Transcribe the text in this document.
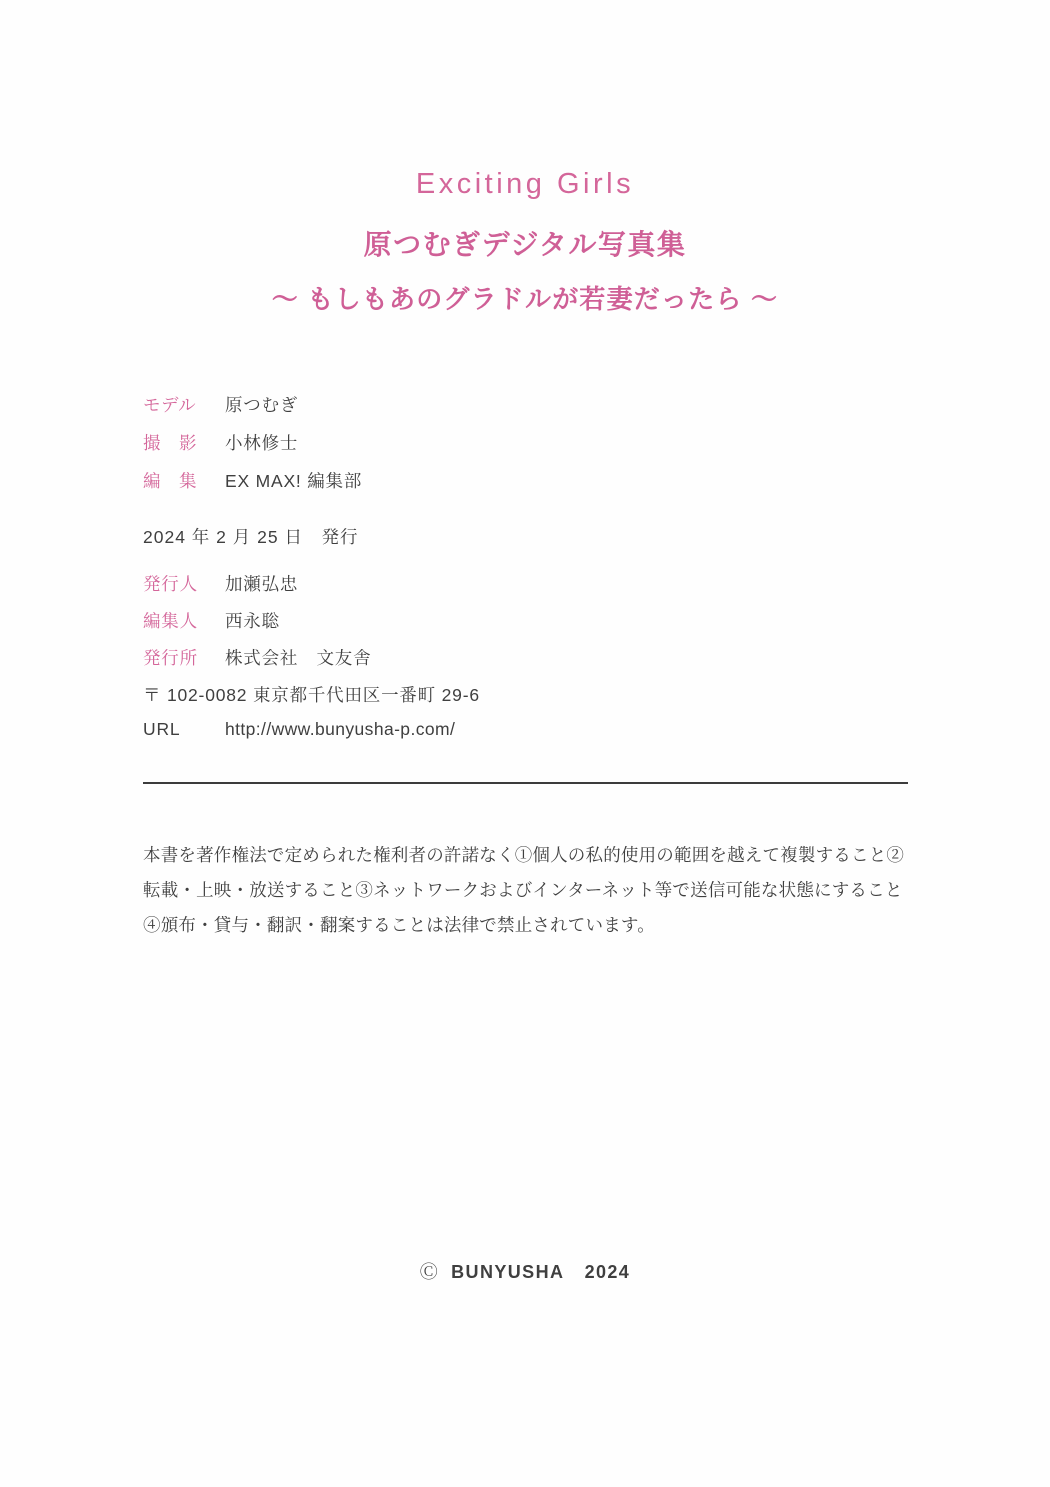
Exciting Girls
原つむぎデジタル写真集
〜 もしもあのグラドルが若妻だったら 〜
モデル	原つむぎ
撮　影	小林修士
編　集	EX MAX! 編集部
2024 年 2 月 25 日　発行
発行人	加瀬弘忠
編集人	西永聡
発行所	株式会社　文友舎
〒 102-0082 東京都千代田区一番町 29-6
URL	http://www.bunyusha-p.com/
本書を著作権法で定められた権利者の許諾なく①個人の私的使用の範囲を越えて複製すること②転載・上映・放送すること③ネットワークおよびインターネット等で送信可能な状態にすること④頒布・貸与・翻訳・翻案することは法律で禁止されています。
Ⓒ BUNYUSHA 2024
